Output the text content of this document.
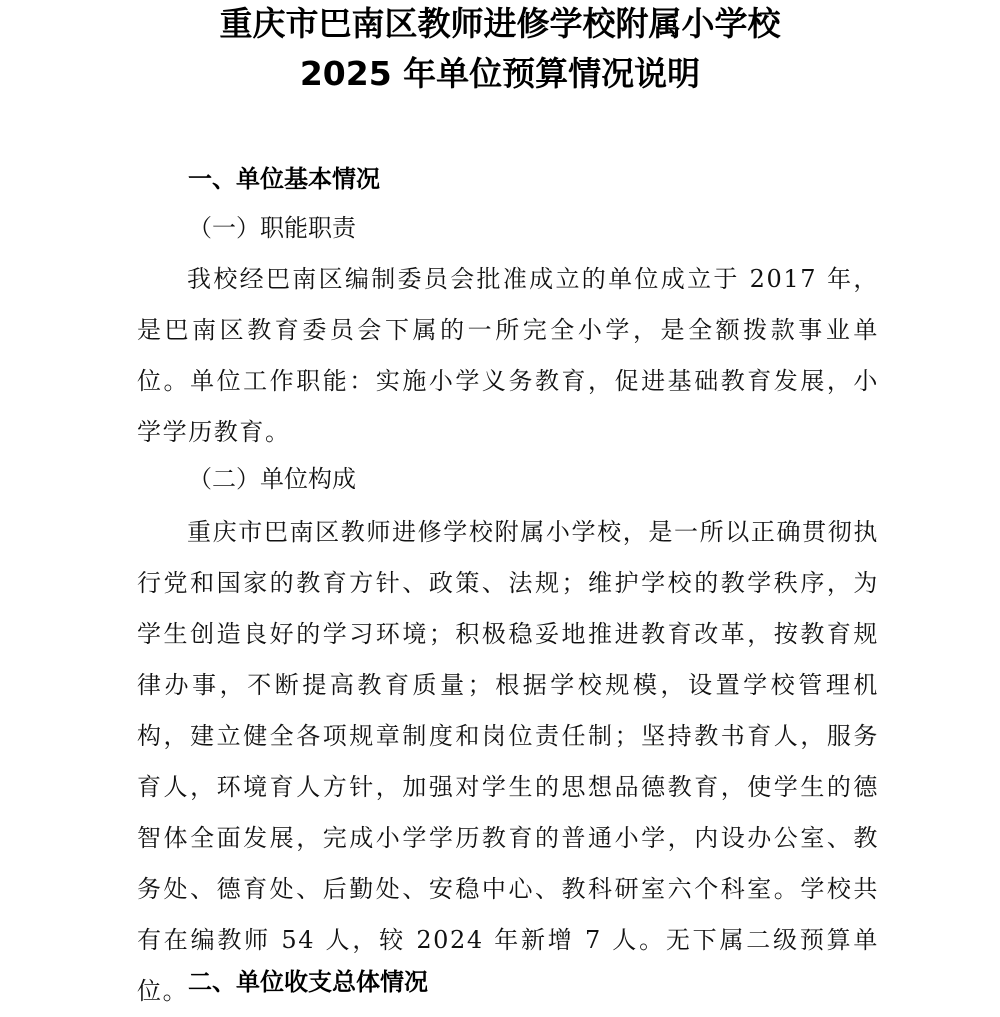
重庆市巴南区教师进修学校附属小学校
2025 年单位预算情况说明
一、单位基本情况
（一）职能职责
我校经巴南区编制委员会批准成立的单位成立于 2017 年，是巴南区教育委员会下属的一所完全小学，是全额拨款事业单位。单位工作职能：实施小学义务教育，促进基础教育发展，小学学历教育。
（二）单位构成
重庆市巴南区教师进修学校附属小学校，是一所以正确贯彻执行党和国家的教育方针、政策、法规；维护学校的教学秩序，为学生创造良好的学习环境；积极稳妥地推进教育改革，按教育规律办事，不断提高教育质量；根据学校规模，设置学校管理机构，建立健全各项规章制度和岗位责任制；坚持教书育人，服务育人，环境育人方针，加强对学生的思想品德教育，使学生的德智体全面发展，完成小学学历教育的普通小学，内设办公室、教务处、德育处、后勤处、安稳中心、教科研室六个科室。学校共有在编教师 54 人，较 2024 年新增 7 人。无下属二级预算单位。 二、单位收支总体情况
